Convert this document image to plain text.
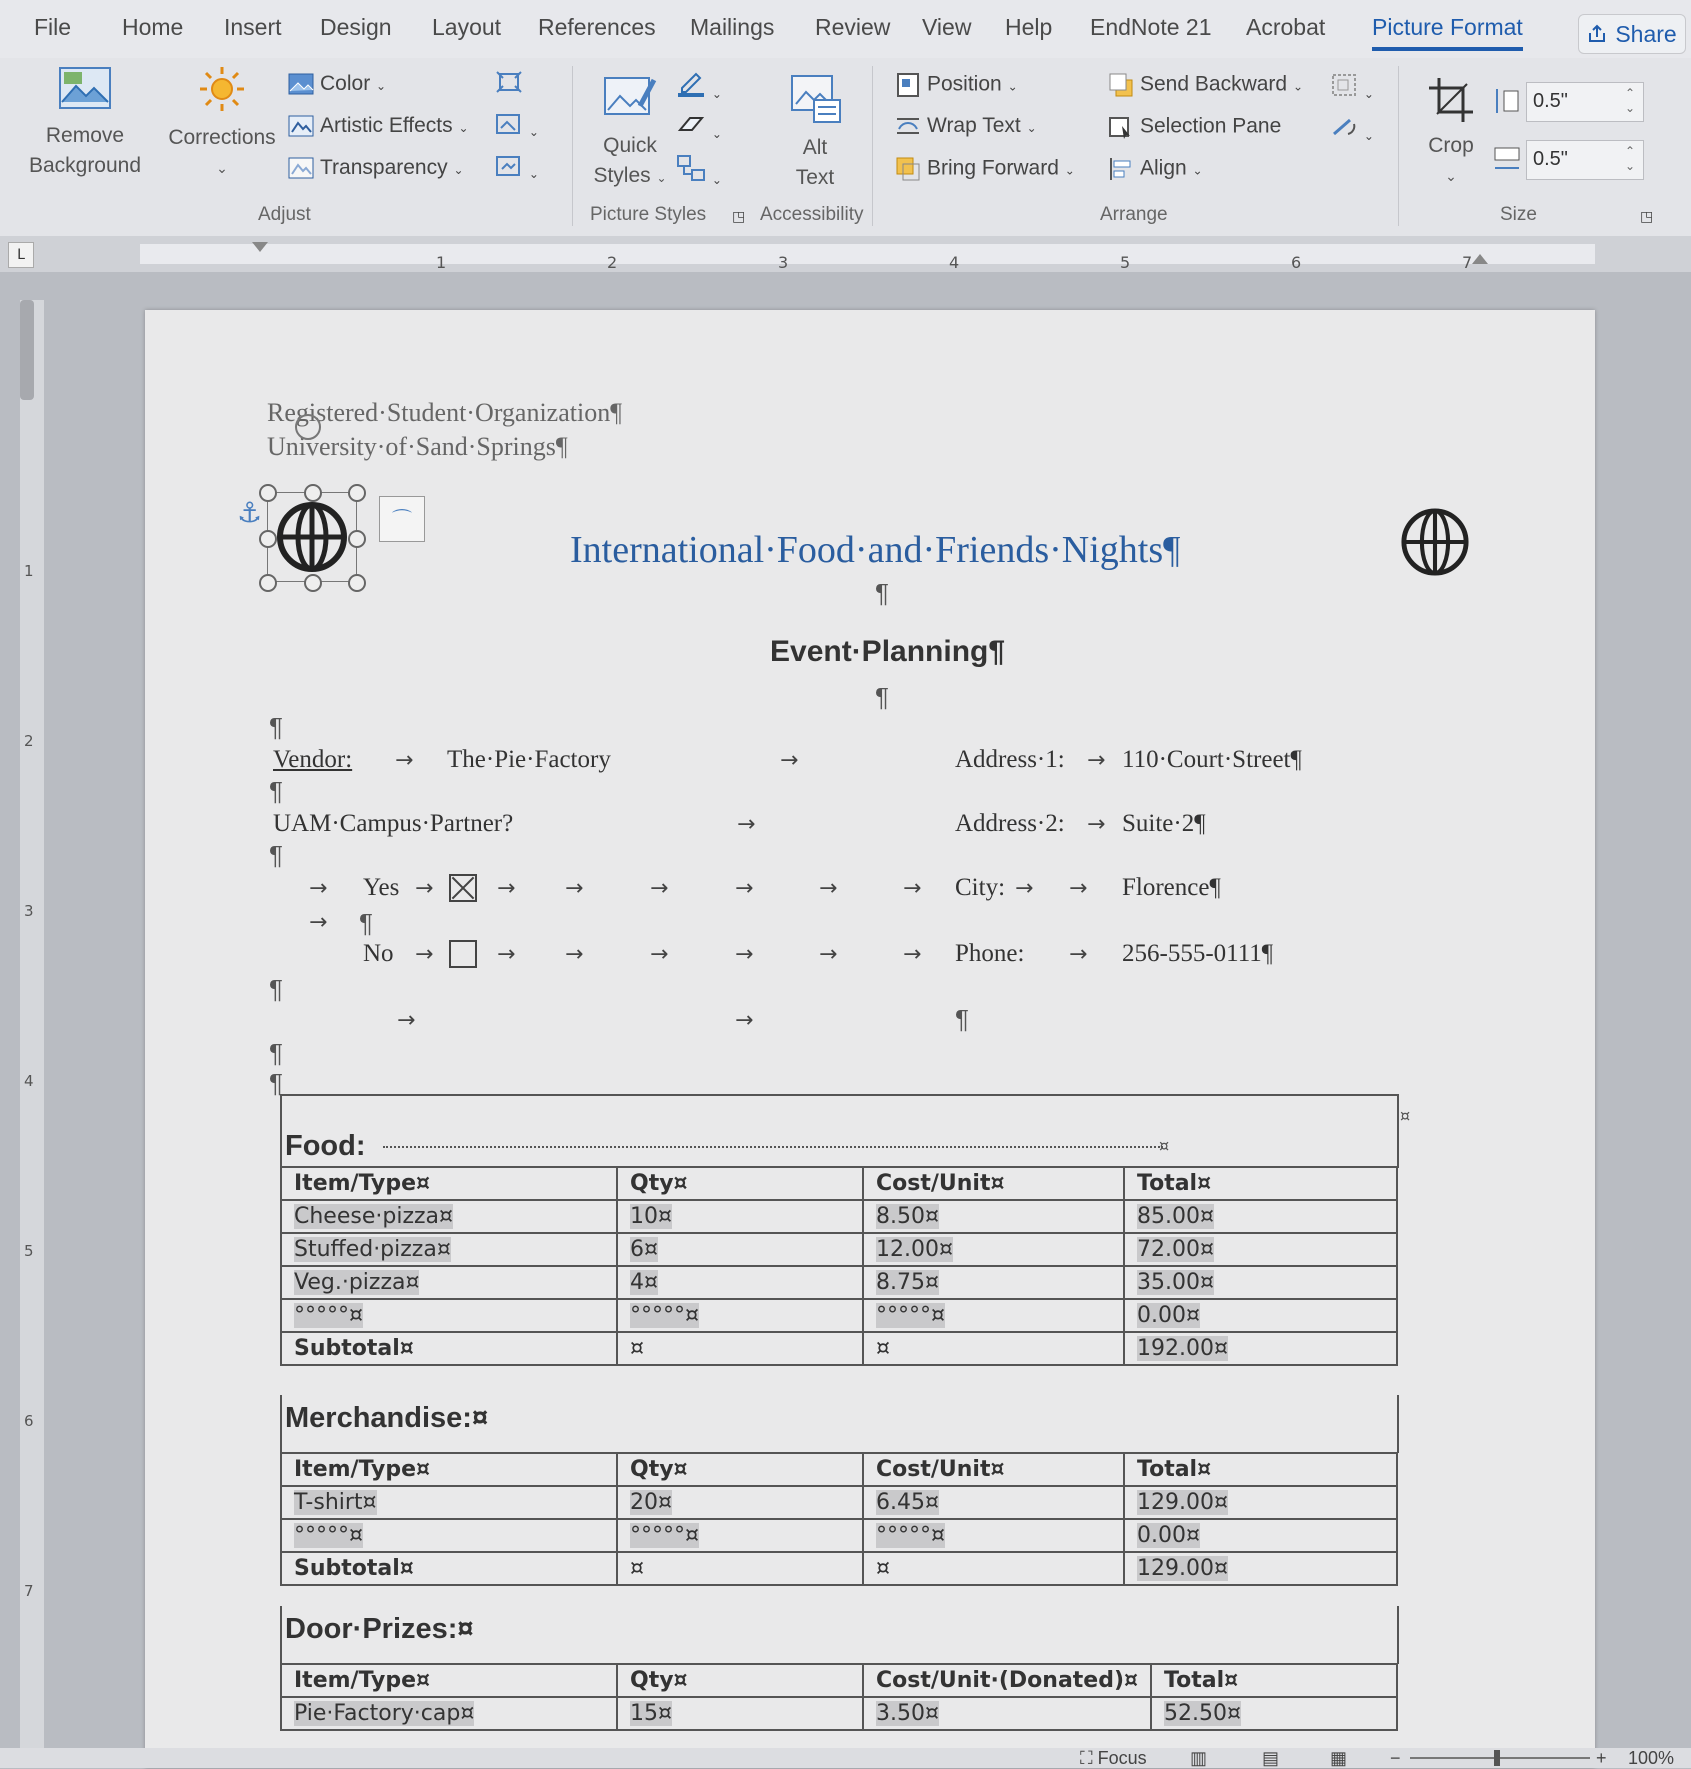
File Home Insert Design Layout References Mailings Review View Help EndNote 21 Acrobat Picture Format	Share
Remove
Background
Corrections
⌄
Color ⌄
Artistic Effects ⌄
Transparency ⌄
⌄
⌄
Adjust
Quick
Styles ⌄
⌄
⌄
⌄
Picture Styles ◳
Alt
Text
Accessibility
Position ⌄
Wrap Text ⌄
Bring Forward ⌄
Send Backward ⌄
Selection Pane
Align ⌄
⌄
⌄
Arrange
Crop
⌄
0.5"	⌃
⌄
0.5"	⌃
⌄
Size	◳
L	1	2	3	4	5	6	7
1
2
3
4
5
6
7
Registered·Student·Organization¶
University·of·Sand·Springs¶
⚓	⌒
International·Food·and·Friends·Nights¶
¶
Event·Planning¶
¶
¶
Vendor: → The·Pie·Factory	→	Address·1: → 110·Court·Street¶
¶
UAM·Campus·Partner?	→	Address·2: → Suite·2¶
¶
→ Yes →	→ →	→	→	→	→ City: → → Florence¶
→ ¶
No →	→ →	→	→	→	→ Phone: → 256-555-0111¶
¶
→	→	¶
¶
¶
Food:	¤
¤
Item/Type¤	Qty¤	Cost/Unit¤	Total¤
Cheese·pizza¤	10¤	8.50¤	85.00¤
Stuffed·pizza¤	6¤	12.00¤	72.00¤
Veg.·pizza¤	4¤	8.75¤	35.00¤
°°°°°¤	°°°°°¤	°°°°°¤	0.00¤
Subtotal¤	¤	¤	192.00¤
Merchandise:¤
Item/Type¤	Qty¤	Cost/Unit¤	Total¤
T-shirt¤	20¤	6.45¤	129.00¤
°°°°°¤	°°°°°¤	°°°°°¤	0.00¤
Subtotal¤	¤	¤	129.00¤
Door·Prizes:¤
Item/Type¤	Qty¤	Cost/Unit·(Donated)¤	Total¤
Pie·Factory·cap¤	15¤	3.50¤	52.50¤
⛶ Focus ▥	▤	▦ −	+ 100%
